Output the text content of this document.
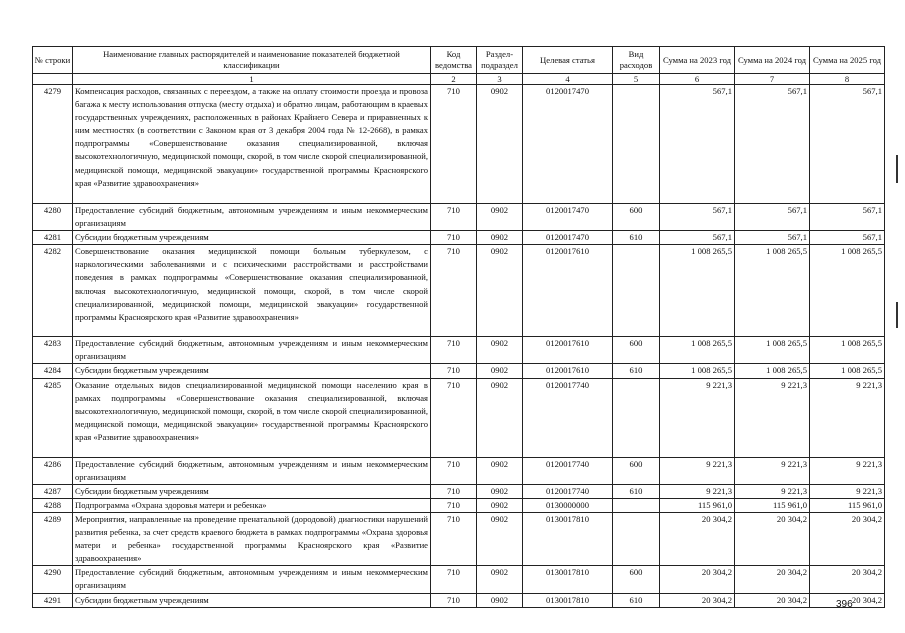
№ строки	Наименование главных распорядителей и наименование показателей бюджетной классификации	Код ведомства	Раздел-подраздел	Целевая статья	Вид расходов	Сумма на 2023 год	Сумма на 2024 год	Сумма на 2025 год
	1	2	3	4	5	6	7	8
4279	Компенсация расходов, связанных с переездом, а также на оплату стоимости проезда и провоза багажа к месту использования отпуска (месту отдыха) и обратно лицам, работающим в краевых государственных учреждениях, расположенных в районах Крайнего Севера и приравненных к ним местностях (в соответствии с Законом края от 3 декабря 2004 года № 12-2668), в рамках подпрограммы «Совершенствование оказания специализированной, включая высокотехнологичную, медицинской помощи, скорой, в том числе скорой специализированной, медицинской помощи, медицинской эвакуации» государственной программы Красноярского края «Развитие здравоохранения»	710	0902	0120017470		567,1	567,1	567,1
4280	Предоставление субсидий бюджетным, автономным учреждениям и иным некоммерческим организациям	710	0902	0120017470	600	567,1	567,1	567,1
4281	Субсидии бюджетным учреждениям	710	0902	0120017470	610	567,1	567,1	567,1
4282	Совершенствование оказания медицинской помощи больным туберкулезом, с наркологическими заболеваниями и с психическими расстройствами и расстройствами поведения в рамках подпрограммы «Совершенствование оказания специализированной, включая высокотехнологичную, медицинской помощи, скорой, в том числе скорой специализированной, медицинской помощи, медицинской эвакуации» государственной программы Красноярского края «Развитие здравоохранения»	710	0902	0120017610		1 008 265,5	1 008 265,5	1 008 265,5
4283	Предоставление субсидий бюджетным, автономным учреждениям и иным некоммерческим организациям	710	0902	0120017610	600	1 008 265,5	1 008 265,5	1 008 265,5
4284	Субсидии бюджетным учреждениям	710	0902	0120017610	610	1 008 265,5	1 008 265,5	1 008 265,5
4285	Оказание отдельных видов специализированной медицинской помощи населению края в рамках подпрограммы «Совершенствование оказания специализированной, включая высокотехнологичную, медицинской помощи, скорой, в том числе скорой специализированной, медицинской помощи, медицинской эвакуации» государственной программы Красноярского края «Развитие здравоохранения»	710	0902	0120017740		9 221,3	9 221,3	9 221,3
4286	Предоставление субсидий бюджетным, автономным учреждениям и иным некоммерческим организациям	710	0902	0120017740	600	9 221,3	9 221,3	9 221,3
4287	Субсидии бюджетным учреждениям	710	0902	0120017740	610	9 221,3	9 221,3	9 221,3
4288	Подпрограмма «Охрана здоровья матери и ребенка»	710	0902	0130000000		115 961,0	115 961,0	115 961,0
4289	Мероприятия, направленные на проведение пренатальной (дородовой) диагностики нарушений развития ребенка, за счет средств краевого бюджета в рамках подпрограммы «Охрана здоровья матери и ребенка» государственной программы Красноярского края «Развитие здравоохранения»	710	0902	0130017810		20 304,2	20 304,2	20 304,2
4290	Предоставление субсидий бюджетным, автономным учреждениям и иным некоммерческим организациям	710	0902	0130017810	600	20 304,2	20 304,2	20 304,2
4291	Субсидии бюджетным учреждениям	710	0902	0130017810	610	20 304,2	20 304,2	20 304,2
396
